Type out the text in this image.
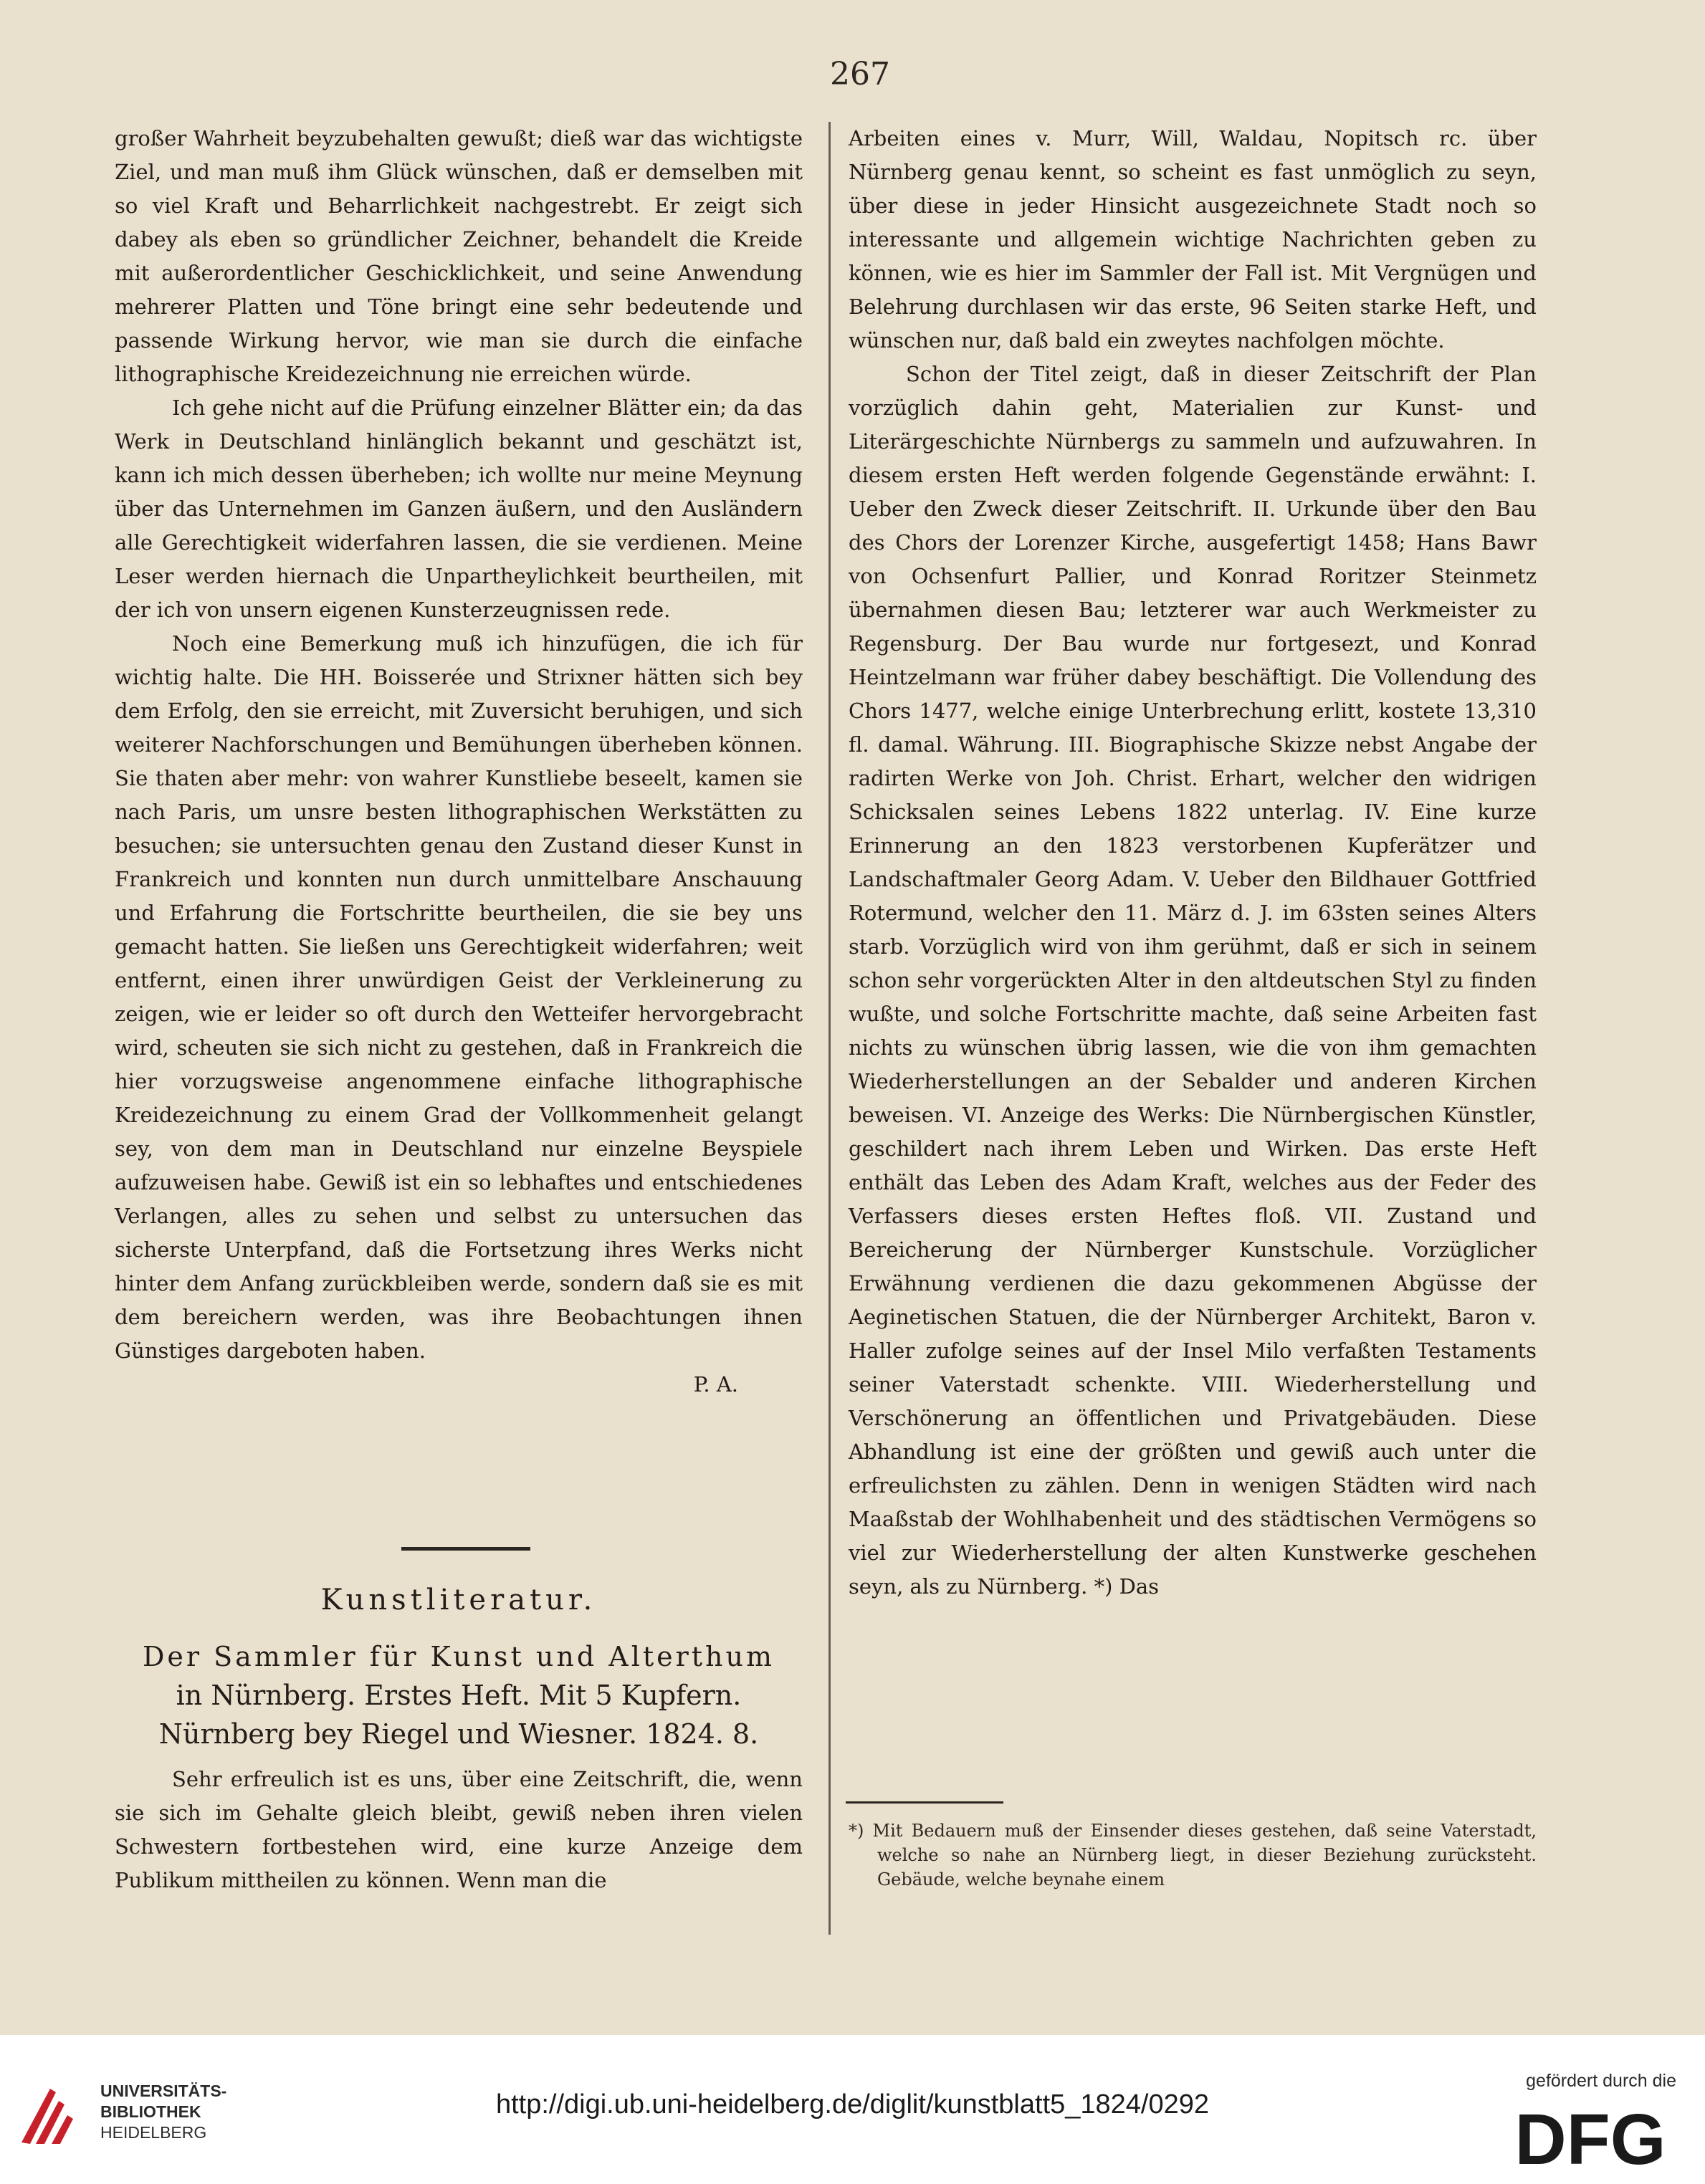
267

großer Wahrheit beyzubehalten gewußt; dieß war das wichtigste Ziel, und man muß ihm Glück wünschen, daß er demselben mit so viel Kraft und Beharrlichkeit nachgestrebt. Er zeigt sich dabey als eben so gründlicher Zeichner, behandelt die Kreide mit außerordentlicher Geschicklichkeit, und seine Anwendung mehrerer Platten und Töne bringt eine sehr bedeutende und passende Wirkung hervor, wie man sie durch die einfache lithographische Kreidezeichnung nie erreichen würde.

Ich gehe nicht auf die Prüfung einzelner Blätter ein; da das Werk in Deutschland hinlänglich bekannt und geschätzt ist, kann ich mich dessen überheben; ich wollte nur meine Meynung über das Unternehmen im Ganzen äußern, und den Ausländern alle Gerechtigkeit widerfahren lassen, die sie verdienen. Meine Leser werden hiernach die Unpartheylichkeit beurtheilen, mit der ich von unsern eigenen Kunsterzeugnissen rede.

Noch eine Bemerkung muß ich hinzufügen, die ich für wichtig halte. Die HH. Boisserée und Strixner hätten sich bey dem Erfolg, den sie erreicht, mit Zuversicht beruhigen, und sich weiterer Nachforschungen und Bemühungen überheben können. Sie thaten aber mehr: von wahrer Kunstliebe beseelt, kamen sie nach Paris, um unsre besten lithographischen Werkstätten zu besuchen; sie untersuchten genau den Zustand dieser Kunst in Frankreich und konnten nun durch unmittelbare Anschauung und Erfahrung die Fortschritte beurtheilen, die sie bey uns gemacht hatten. Sie ließen uns Gerechtigkeit widerfahren; weit entfernt, einen ihrer unwürdigen Geist der Verkleinerung zu zeigen, wie er leider so oft durch den Wetteifer hervorgebracht wird, scheuten sie sich nicht zu gestehen, daß in Frankreich die hier vorzugsweise angenommene einfache lithographische Kreidezeichnung zu einem Grad der Vollkommenheit gelangt sey, von dem man in Deutschland nur einzelne Beyspiele aufzuweisen habe. Gewiß ist ein so lebhaftes und entschiedenes Verlangen, alles zu sehen und selbst zu untersuchen das sicherste Unterpfand, daß die Fortsetzung ihres Werks nicht hinter dem Anfang zurückbleiben werde, sondern daß sie es mit dem bereichern werden, was ihre Beobachtungen ihnen Günstiges dargeboten haben.

P. A.

Kunstliteratur.
Der Sammler für Kunst und Alterthum
in Nürnberg. Erstes Heft. Mit 5 Kupfern.
Nürnberg bey Riegel und Wiesner. 1824. 8.

Sehr erfreulich ist es uns, über eine Zeitschrift, die, wenn sie sich im Gehalte gleich bleibt, gewiß neben ihren vielen Schwestern fortbestehen wird, eine kurze Anzeige dem Publikum mittheilen zu können. Wenn man die

Arbeiten eines v. Murr, Will, Waldau, Nopitsch rc. über Nürnberg genau kennt, so scheint es fast unmöglich zu seyn, über diese in jeder Hinsicht ausgezeichnete Stadt noch so interessante und allgemein wichtige Nachrichten geben zu können, wie es hier im Sammler der Fall ist. Mit Vergnügen und Belehrung durchlasen wir das erste, 96 Seiten starke Heft, und wünschen nur, daß bald ein zweytes nachfolgen möchte.

Schon der Titel zeigt, daß in dieser Zeitschrift der Plan vorzüglich dahin geht, Materialien zur Kunst- und Literärgeschichte Nürnbergs zu sammeln und aufzuwahren. In diesem ersten Heft werden folgende Gegenstände erwähnt: I. Ueber den Zweck dieser Zeitschrift. II. Urkunde über den Bau des Chors der Lorenzer Kirche, ausgefertigt 1458; Hans Bawr von Ochsenfurt Pallier, und Konrad Roritzer Steinmetz übernahmen diesen Bau; letzterer war auch Werkmeister zu Regensburg. Der Bau wurde nur fortgesezt, und Konrad Heintzelmann war früher dabey beschäftigt. Die Vollendung des Chors 1477, welche einige Unterbrechung erlitt, kostete 13,310 fl. damal. Währung. III. Biographische Skizze nebst Angabe der radirten Werke von Joh. Christ. Erhart, welcher den widrigen Schicksalen seines Lebens 1822 unterlag. IV. Eine kurze Erinnerung an den 1823 verstorbenen Kupferätzer und Landschaftmaler Georg Adam. V. Ueber den Bildhauer Gottfried Rotermund, welcher den 11. März d. J. im 63sten seines Alters starb. Vorzüglich wird von ihm gerühmt, daß er sich in seinem schon sehr vorgerückten Alter in den altdeutschen Styl zu finden wußte, und solche Fortschritte machte, daß seine Arbeiten fast nichts zu wünschen übrig lassen, wie die von ihm gemachten Wiederherstellungen an der Sebalder und anderen Kirchen beweisen. VI. Anzeige des Werks: Die Nürnbergischen Künstler, geschildert nach ihrem Leben und Wirken. Das erste Heft enthält das Leben des Adam Kraft, welches aus der Feder des Verfassers dieses ersten Heftes floß. VII. Zustand und Bereicherung der Nürnberger Kunstschule. Vorzüglicher Erwähnung verdienen die dazu gekommenen Abgüsse der Aeginetischen Statuen, die der Nürnberger Architekt, Baron v. Haller zufolge seines auf der Insel Milo verfaßten Testaments seiner Vaterstadt schenkte. VIII. Wiederherstellung und Verschönerung an öffentlichen und Privatgebäuden. Diese Abhandlung ist eine der größten und gewiß auch unter die erfreulichsten zu zählen. Denn in wenigen Städten wird nach Maaßstab der Wohlhabenheit und des städtischen Vermögens so viel zur Wiederherstellung der alten Kunstwerke geschehen seyn, als zu Nürnberg. *) Das

*) Mit Bedauern muß der Einsender dieses gestehen, daß seine Vaterstadt, welche so nahe an Nürnberg liegt, in dieser Beziehung zurücksteht. Gebäude, welche beynahe einem

UNIVERSITÄTS-
BIBLIOTHEK
HEIDELBERG
http://digi.ub.uni-heidelberg.de/diglit/kunstblatt5_1824/0292
gefördert durch die
DFG
